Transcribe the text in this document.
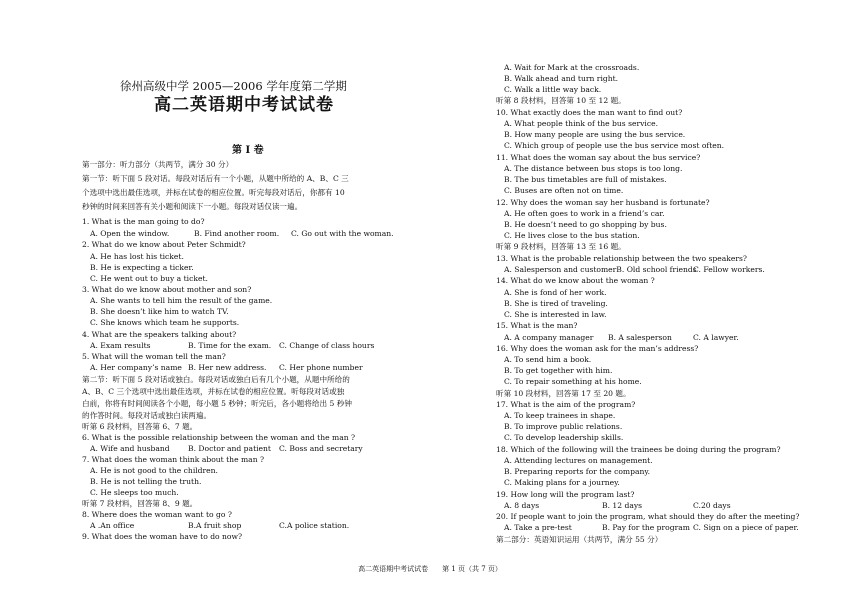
徐州高级中学 2005—2006 学年度第二学期
高二英语期中考试试卷
第 I 卷
第一部分：听力部分（共两节，满分 30 分）
第一节：听下面 5 段对话。每段对话后有一个小题，从题中所给的 A、B、C 三
个选项中选出最佳选项，并标在试卷的相应位置。听完每段对话后，你都有 10
秒钟的时间来回答有关小题和阅读下一小题。每段对话仅读一遍。
1. What is the man going to do?
A. Open the window.	B. Find another room. C. Go out with the woman.
2. What do we know about Peter Schmidt?
A. He has lost his ticket.
B. He is expecting a ticker.
C. He went out to buy a ticket.
3. What do we know about mother and son?
A. She wants to tell him the result of the game.
B. She doesn’t like him to watch TV.
C. She knows which team he supports.
4. What are the speakers talking about?
A. Exam results	B. Time for the exam. C. Change of class hours
5. What will the woman tell the man?
A. Her company’s name B. Her new address. C. Her phone number
第二节：听下面 5 段对话或独白。每段对话或独白后有几个小题，从题中所给的
A、B、C 三个选项中选出最佳选项，并标在试卷的相应位置。听每段对话或独
白前，你将有时间阅读各个小题，每小题 5 秒钟；听完后，各小题将给出 5 秒钟
的作答时间。每段对话或独白读两遍。
听第 6 段材料，回答第 6、7 题。
6. What is the possible relationship between the woman and the man ?
A. Wife and husband B. Doctor and patient C. Boss and secretary
7. What does the woman think about the man ?
A. He is not good to the children.
B. He is not telling the truth.
C. He sleeps too much.
听第 7 段材料，回答第 8、9 题。
8. Where does the woman want to go ?
A .An office	B.A fruit shop	C.A police station.
9. What does the woman have to do now?
A. Wait for Mark at the crossroads.
B. Walk ahead and turn right.
C. Walk a little way back.
听第 8 段材料，回答第 10 至 12 题。
10. What exactly does the man want to find out?
A. What people think of the bus service.
B. How many people are using the bus service.
C. Which group of people use the bus service most often.
11. What does the woman say about the bus service?
A. The distance between bus stops is too long.
B. The bus timetables are full of mistakes.
C. Buses are often not on time.
12. Why does the woman say her husband is fortunate?
A. He often goes to work in a friend’s car.
B. He doesn’t need to go shopping by bus.
C. He lives close to the bus station.
听第 9 段材料，回答第 13 至 16 题。
13. What is the probable relationship between the two speakers?
A. Salesperson and customerB. Old school friends
C. Fellow workers.
14. What do we know about the woman ?
A. She is fond of her work.
B. She is tired of traveling.
C. She is interested in law.
15. What is the man?
A. A company manager B. A salesperson	C. A lawyer.
16. Why does the woman ask for the man’s address?
A. To send him a book.
B. To get together with him.
C. To repair something at his home.
听第 10 段材料，回答第 17 至 20 题。
17. What is the aim of the program?
A. To keep trainees in shape.
B. To improve public relations.
C. To develop leadership skills.
18. Which of the following will the trainees be doing during the program?
A. Attending lectures on management.
B. Preparing reports for the company.
C. Making plans for a journey.
19. How long will the program last?
A. 8 days	B. 12 days	C.20 days
20. If people want to join the program, what should they do after the meeting?
A. Take a pre-test	B. Pay for the program C. Sign on a piece of paper.
第二部分：英语知识运用（共两节，满分 55 分）
高二英语期中考试试卷　　第 1 页（共 7 页）
